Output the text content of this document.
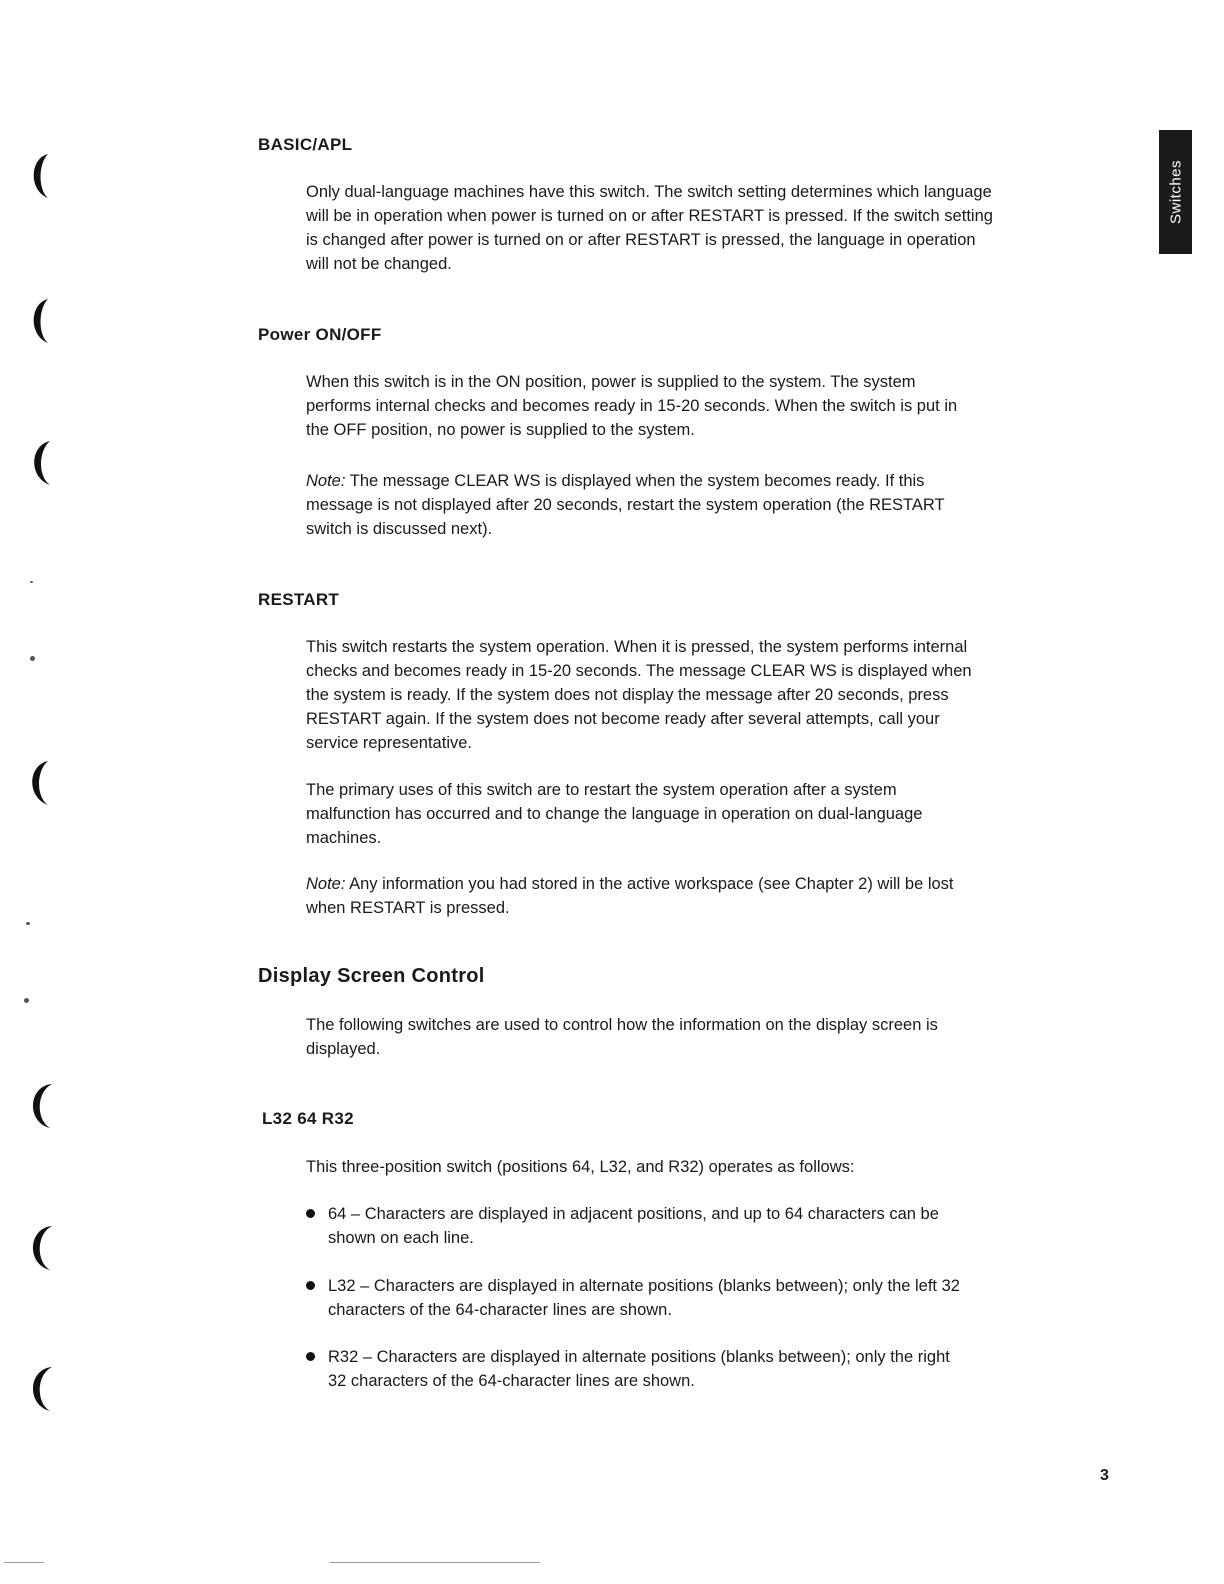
Switches
BASIC/APL

Only dual-language machines have this switch. The switch setting determines which language will be in operation when power is turned on or after RESTART is pressed. If the switch setting is changed after power is turned on or after RESTART is pressed, the language in operation will not be changed.

Power ON/OFF

When this switch is in the ON position, power is supplied to the system. The system performs internal checks and becomes ready in 15-20 seconds. When the switch is put in the OFF position, no power is supplied to the system.

Note: The message CLEAR WS is displayed when the system becomes ready. If this message is not displayed after 20 seconds, restart the system operation (the RESTART switch is discussed next).

RESTART

This switch restarts the system operation. When it is pressed, the system performs internal checks and becomes ready in 15-20 seconds. The message CLEAR WS is displayed when the system is ready. If the system does not display the message after 20 seconds, press RESTART again. If the system does not become ready after several attempts, call your service representative.

The primary uses of this switch are to restart the system operation after a system malfunction has occurred and to change the language in operation on dual-language machines.

Note: Any information you had stored in the active workspace (see Chapter 2) will be lost when RESTART is pressed.

Display Screen Control

The following switches are used to control how the information on the display screen is displayed.

L32 64 R32

This three-position switch (positions 64, L32, and R32) operates as follows:

64 – Characters are displayed in adjacent positions, and up to 64 characters can be shown on each line.
L32 – Characters are displayed in alternate positions (blanks between); only the left 32 characters of the 64-character lines are shown.
R32 – Characters are displayed in alternate positions (blanks between); only the right 32 characters of the 64-character lines are shown.
3
